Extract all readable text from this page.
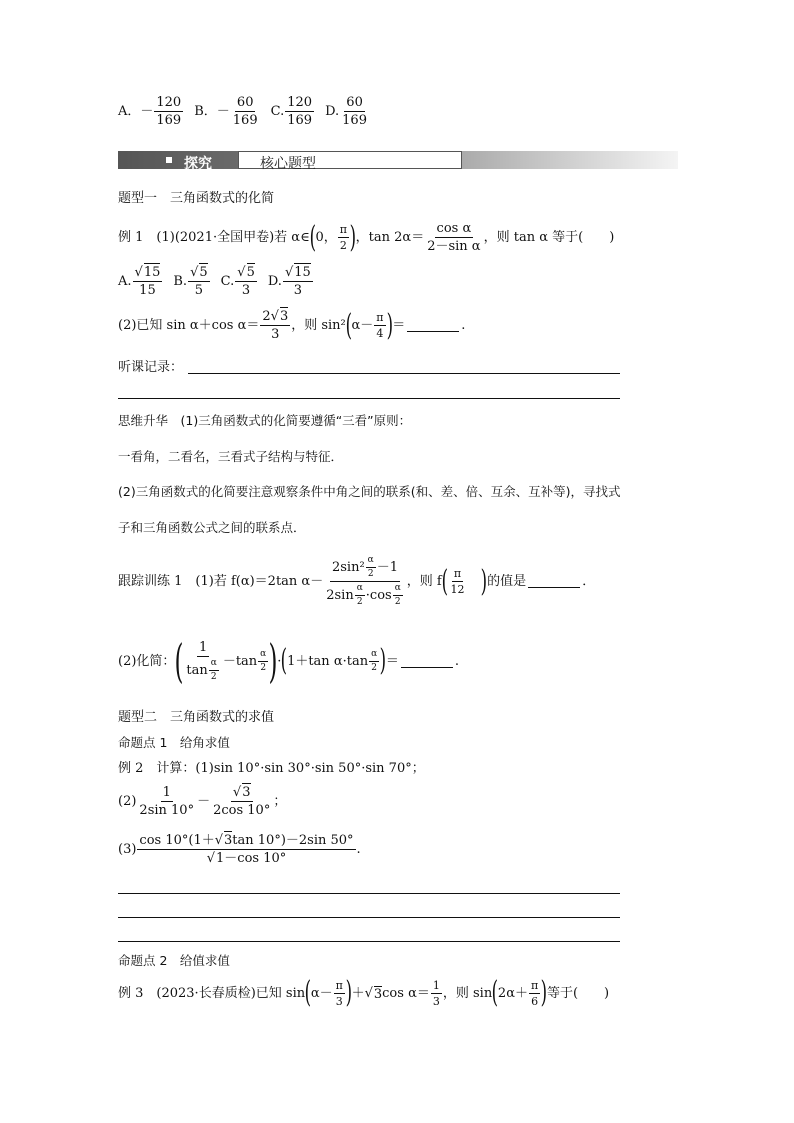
A．－ $\frac{120}{169}$ B．－ $\frac{60}{169} C$. $\frac{120}{169} D$. $\frac{60}{169}$
探究	核心题型
题型一　三角函数式的化简
例 1　(1)(2021·全国甲卷)若 α∈ ( 0， $\frac{\pi}{2}$ ) ，$\tan 2\alpha= \frac{\text{cos α}}{\text{2－sin α}}$ ，则 tan α 等于(　　)
A. $\frac{√15}{15} B$. $\frac{√5}{5} C$. $\frac{√5}{3} D$. $\frac{√15}{3}$
(2)已知 sin α＋cos $\alpha= \frac{2√3}{3}$ ，则 sin² ( $\alpha- \frac{\pi}{4}$ ) ＝	.
听课记录：
思维升华　(1)三角函数式的化简要遵循“三看”原则：
一看角，二看名，三看式子结构与特征．
(2)三角函数式的化简要注意观察条件中角之间的联系(和、差、倍、互余、互补等)，寻找式
子和三角函数公式之间的联系点．
跟踪训练 1　(1)若 f(α)＝2tan α－
$2\sin^2 \frac{\alpha}{2} -1$
$2\sin \frac{\alpha}{2} \cdot\cos \frac{\alpha}{2}$
，则 f ( $\frac{\pi}{12}$ ) 的值是	．
(2)化简： ( $\frac{1}{\tan \frac{\alpha}{2}} -\tan \frac{\alpha}{2}$ ) · ( 1＋tan $\alpha\cdot\tan \frac{\alpha}{2}$ ) ＝	.
题型二　三角函数式的求值
命题点 1　给角求值
例 2　计算：(1)sin 10°·sin 30°·sin 50°·sin 70°；
$(2) \frac{1}{2\sin 10^\circ} - \frac{√3}{2\cos 10^\circ}$ ；
$(3) \frac{\cos 10^\circ(1+√3\tan 10^\circ)-2\sin 50^\circ}{√1-\cos 10^\circ}$ .
命题点 2　给值求值
例 3　(2023·长春质检)已知 sin ( $\alpha- \frac{\pi}{3}$ ) ＋ √ 3 $\cos \alpha= \frac{1}{3}$ ，则 sin ( $2\alpha+ \frac{\pi}{6}$ ) 等于(　　)
